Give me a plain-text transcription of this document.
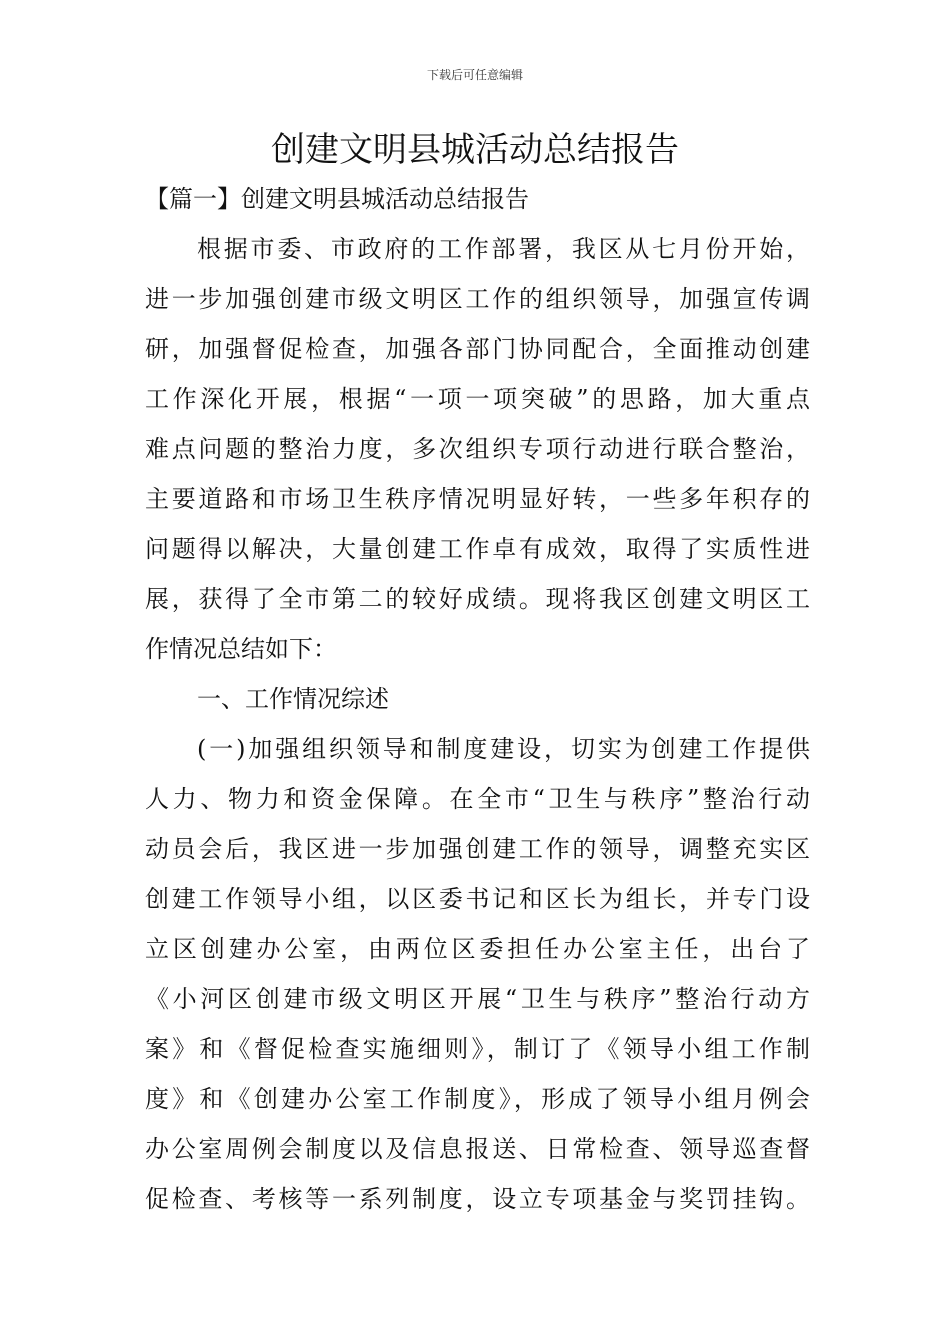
下载后可任意编辑
创建文明县城活动总结报告
【篇一】创建文明县城活动总结报告
根据市委、市政府的工作部署，我区从七月份开始，
进一步加强创建市级文明区工作的组织领导，加强宣传调
研，加强督促检查，加强各部门协同配合，全面推动创建
工作深化开展，根据“一项一项突破”的思路，加大重点
难点问题的整治力度，多次组织专项行动进行联合整治，
主要道路和市场卫生秩序情况明显好转，一些多年积存的
问题得以解决，大量创建工作卓有成效，取得了实质性进
展，获得了全市第二的较好成绩。现将我区创建文明区工
作情况总结如下：
一、工作情况综述
(一)加强组织领导和制度建设，切实为创建工作提供
人力、物力和资金保障。在全市“卫生与秩序”整治行动
动员会后，我区进一步加强创建工作的领导，调整充实区
创建工作领导小组，以区委书记和区长为组长，并专门设
立区创建办公室，由两位区委担任办公室主任，出台了
《小河区创建市级文明区开展“卫生与秩序”整治行动方
案》和《督促检查实施细则》，制订了《领导小组工作制
度》和《创建办公室工作制度》，形成了领导小组月例会
办公室周例会制度以及信息报送、日常检查、领导巡查督
促检查、考核等一系列制度，设立专项基金与奖罚挂钩。
